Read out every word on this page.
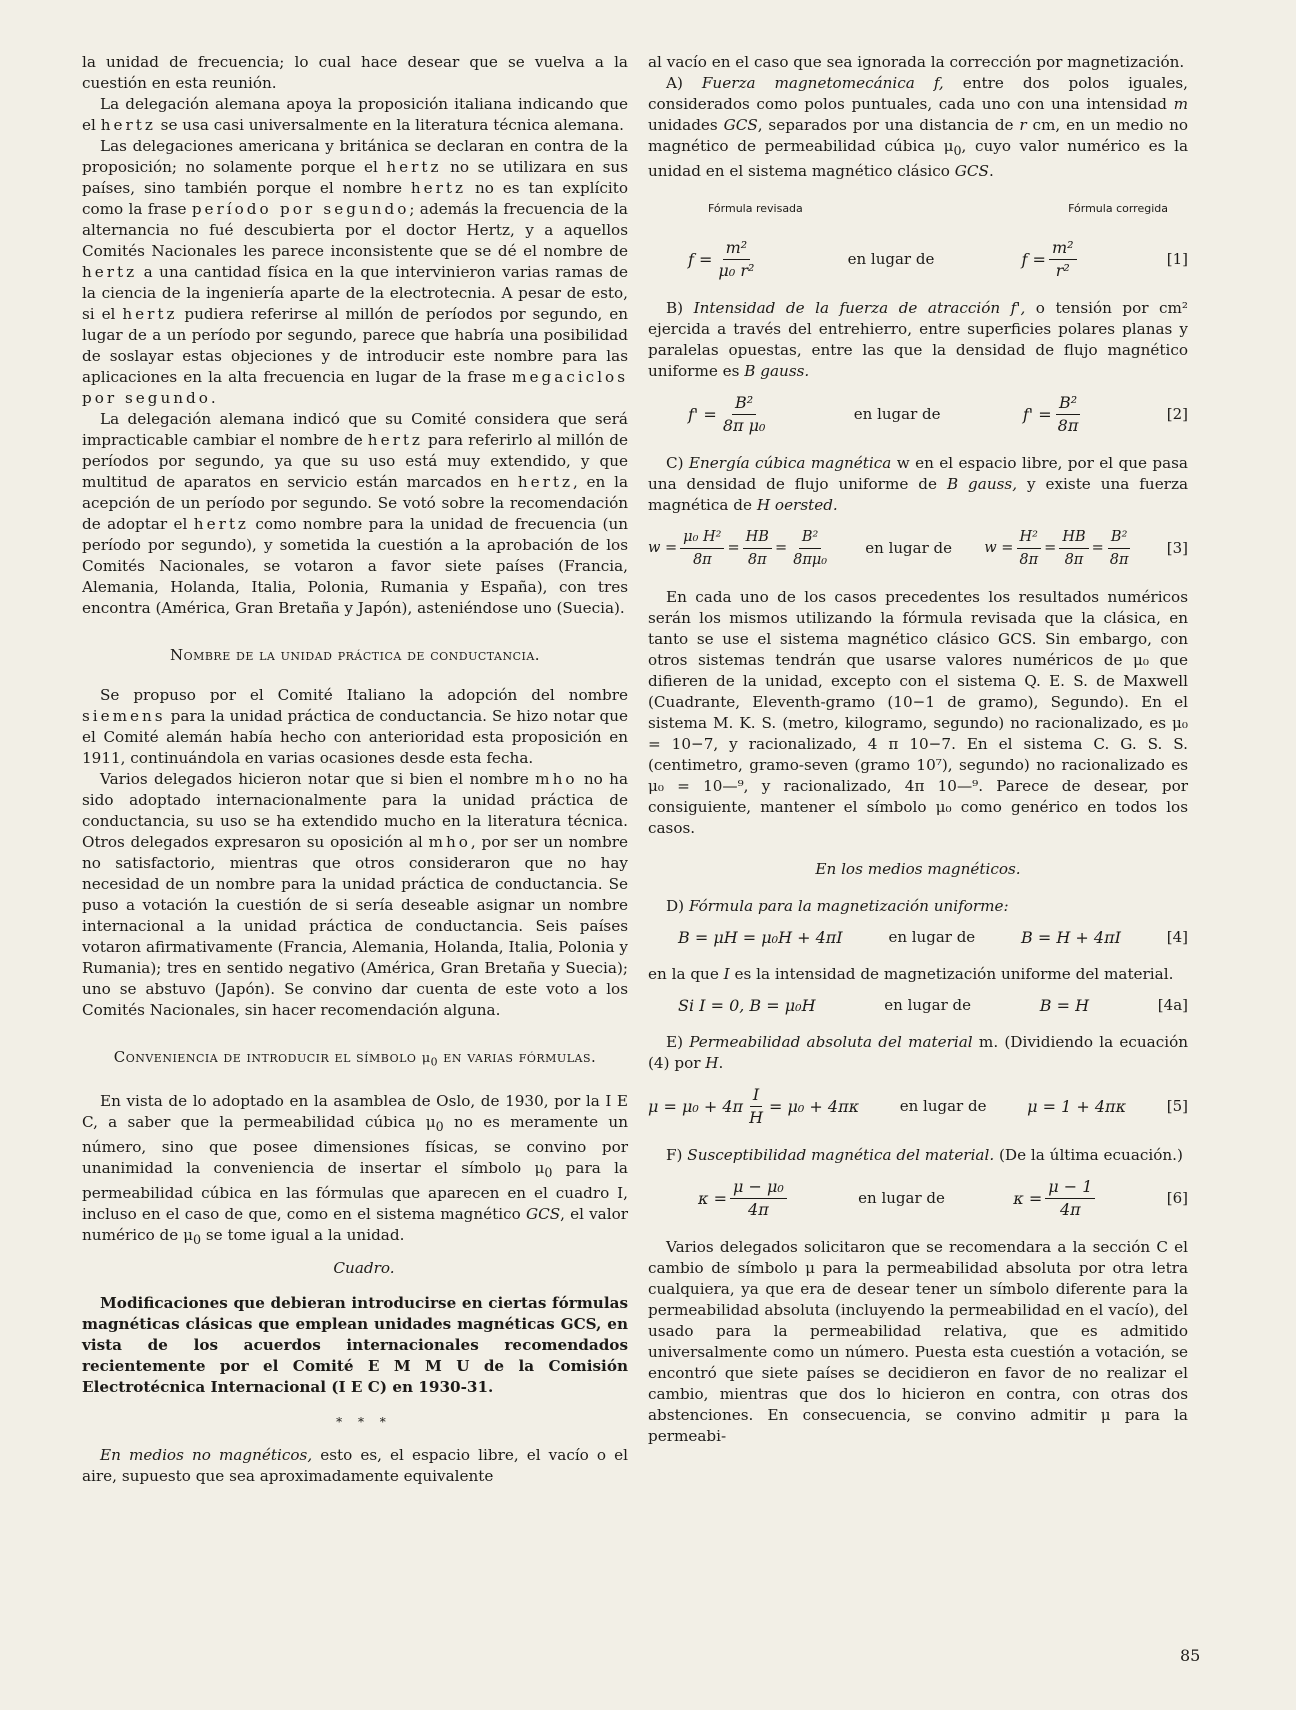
la unidad de frecuencia; lo cual hace desear que se vuelva a la cuestión en esta reunión.

La delegación alemana apoya la proposición italiana indicando que el hertz se usa casi universalmente en la literatura técnica alemana.

Las delegaciones americana y británica se declaran en contra de la proposición; no solamente porque el hertz no se utilizara en sus países, sino también porque el nombre hertz no es tan explícito como la frase período por segundo; además la frecuencia de la alternancia no fué descubierta por el doctor Hertz, y a aquellos Comités Nacionales les parece inconsistente que se dé el nombre de hertz a una cantidad física en la que intervinieron varias ramas de la ciencia de la ingeniería aparte de la electrotecnia. A pesar de esto, si el hertz pudiera referirse al millón de períodos por segundo, en lugar de a un período por segundo, parece que habría una posibilidad de soslayar estas objeciones y de introducir este nombre para las aplicaciones en la alta frecuencia en lugar de la frase megaciclos por segundo.

La delegación alemana indicó que su Comité considera que será impracticable cambiar el nombre de hertz para referirlo al millón de períodos por segundo, ya que su uso está muy extendido, y que multitud de aparatos en servicio están marcados en hertz, en la acepción de un período por segundo. Se votó sobre la recomendación de adoptar el hertz como nombre para la unidad de frecuencia (un período por segundo), y sometida la cuestión a la aprobación de los Comités Nacionales, se votaron a favor siete países (Francia, Alemania, Holanda, Italia, Polonia, Rumania y España), con tres encontra (América, Gran Bretaña y Japón), asteniéndose uno (Suecia).

Nombre de la unidad práctica de conductancia.

Se propuso por el Comité Italiano la adopción del nombre siemens para la unidad práctica de conductancia. Se hizo notar que el Comité alemán había hecho con anterioridad esta proposición en 1911, continuándola en varias ocasiones desde esta fecha.

Varios delegados hicieron notar que si bien el nombre mho no ha sido adoptado internacionalmente para la unidad práctica de conductancia, su uso se ha extendido mucho en la literatura técnica. Otros delegados expresaron su oposición al mho, por ser un nombre no satisfactorio, mientras que otros consideraron que no hay necesidad de un nombre para la unidad práctica de conductancia. Se puso a votación la cuestión de si sería deseable asignar un nombre internacional a la unidad práctica de conductancia. Seis países votaron afirmativamente (Francia, Alemania, Holanda, Italia, Polonia y Rumania); tres en sentido negativo (América, Gran Bretaña y Suecia); uno se abstuvo (Japón). Se convino dar cuenta de este voto a los Comités Nacionales, sin hacer recomendación alguna.

Conveniencia de introducir el símbolo $\mu_0$ en varias fórmulas.

En vista de lo adoptado en la asamblea de Oslo, de 1930, por la I E C, a saber que la permeabilidad cúbica $\mu_0$ no es meramente un número, sino que posee dimensiones físicas, se convino por unanimidad la conveniencia de insertar el símbolo $\mu_0$ para la permeabilidad cúbica en las fórmulas que aparecen en el cuadro I, incluso en el caso de que, como en el sistema magnético GCS, el valor numérico de $\mu_0$ se tome igual a la unidad.

Cuadro.

Modificaciones que debieran introducirse en ciertas fórmulas magnéticas clásicas que emplean unidades magnéticas GCS, en vista de los acuerdos internacionales recomendados recientemente por el Comité E M M U de la Comisión Electrotécnica Internacional (I E C) en 1930-31.

* * *

En medios no magnéticos, esto es, el espacio libre, el vacío o el aire, supuesto que sea aproximadamente equivalente

al vacío en el caso que sea ignorada la corrección por magnetización.

A) Fuerza magnetomecánica f, entre dos polos iguales, considerados como polos puntuales, cada uno con una intensidad m unidades GCS, separados por una distancia de r cm, en un medio no magnético de permeabilidad cúbica $\mu_0$, cuyo valor numérico es la unidad en el sistema magnético clásico GCS.

Fórmula revisada	Fórmula corregida
$f = \frac{\text{m²}}{\text{μ₀ r²}}$	en lugar de	$f = \frac{\text{m²}}{\text{r²}}$	[1]

B) Intensidad de la fuerza de atracción f', o tensión por cm² ejercida a través del entrehierro, entre superficies polares planas y paralelas opuestas, entre las que la densidad de flujo magnético uniforme es B gauss.

$f' = \frac{\text{B²}}{\text{8π μ₀}}$	en lugar de	$f' = \frac{\text{B²}}{8\pi}$	[2]

C) Energía cúbica magnética w en el espacio libre, por el que pasa una densidad de flujo uniforme de B gauss, y existe una fuerza magnética de H oersted.

$w = \frac{\text{μ₀ H²}}{8\pi} = \frac{HB}{8\pi} = \frac{\text{B²}}{\text{8πμ₀}}$ en lugar de $w = \frac{\text{H²}}{8\pi} = \frac{HB}{8\pi} = \frac{\text{B²}}{8\pi} [3]$

En cada uno de los casos precedentes los resultados numéricos serán los mismos utilizando la fórmula revisada que la clásica, en tanto se use el sistema magnético clásico GCS. Sin embargo, con otros sistemas tendrán que usarse valores numéricos de μ₀ que difieren de la unidad, excepto con el sistema Q. E. S. de Maxwell (Cuadrante, Eleventh-gramo (10−1 de gramo), Segundo). En el sistema M. K. S. (metro, kilogramo, segundo) no racionalizado, es μ₀ = 10−7, y racionalizado, 4 π 10−7. En el sistema C. G. S. S. (centimetro, gramo-seven (gramo 10⁷), segundo) no racionalizado es μ₀ = 10—⁹, y racionalizado, 4π 10—⁹. Parece de desear, por consiguiente, mantener el símbolo μ₀ como genérico en todos los casos.

En los medios magnéticos.

D) Fórmula para la magnetización uniforme:

B = μH = μ₀H + 4πI	en lugar de	B = H + 4πI	[4]

en la que I es la intensidad de magnetización uniforme del material.

Si I = 0, B = μ₀H	en lugar de	B = H	[4a]

E) Permeabilidad absoluta del material m. (Dividiendo la ecuación (4) por H.

$\mu = \mu_0 + 4\pi \frac{I}{H} = \mu_0 + 4\pi\kappa$	en lugar de	μ = 1 + 4πκ	[5]

F) Susceptibilidad magnética del material. (De la última ecuación.)

$\kappa = \frac{\text{μ − μ₀}}{4\pi}$	en lugar de	$\kappa = \frac{\mu - 1}{4\pi}$	[6]

Varios delegados solicitaron que se recomendara a la sección C el cambio de símbolo μ para la permeabilidad absoluta por otra letra cualquiera, ya que era de desear tener un símbolo diferente para la permeabilidad absoluta (incluyendo la permeabilidad en el vacío), del usado para la permeabilidad relativa, que es admitido universalmente como un número. Puesta esta cuestión a votación, se encontró que siete países se decidieron en favor de no realizar el cambio, mientras que dos lo hicieron en contra, con otras dos abstenciones. En consecuencia, se convino admitir μ para la permeabi-

85
